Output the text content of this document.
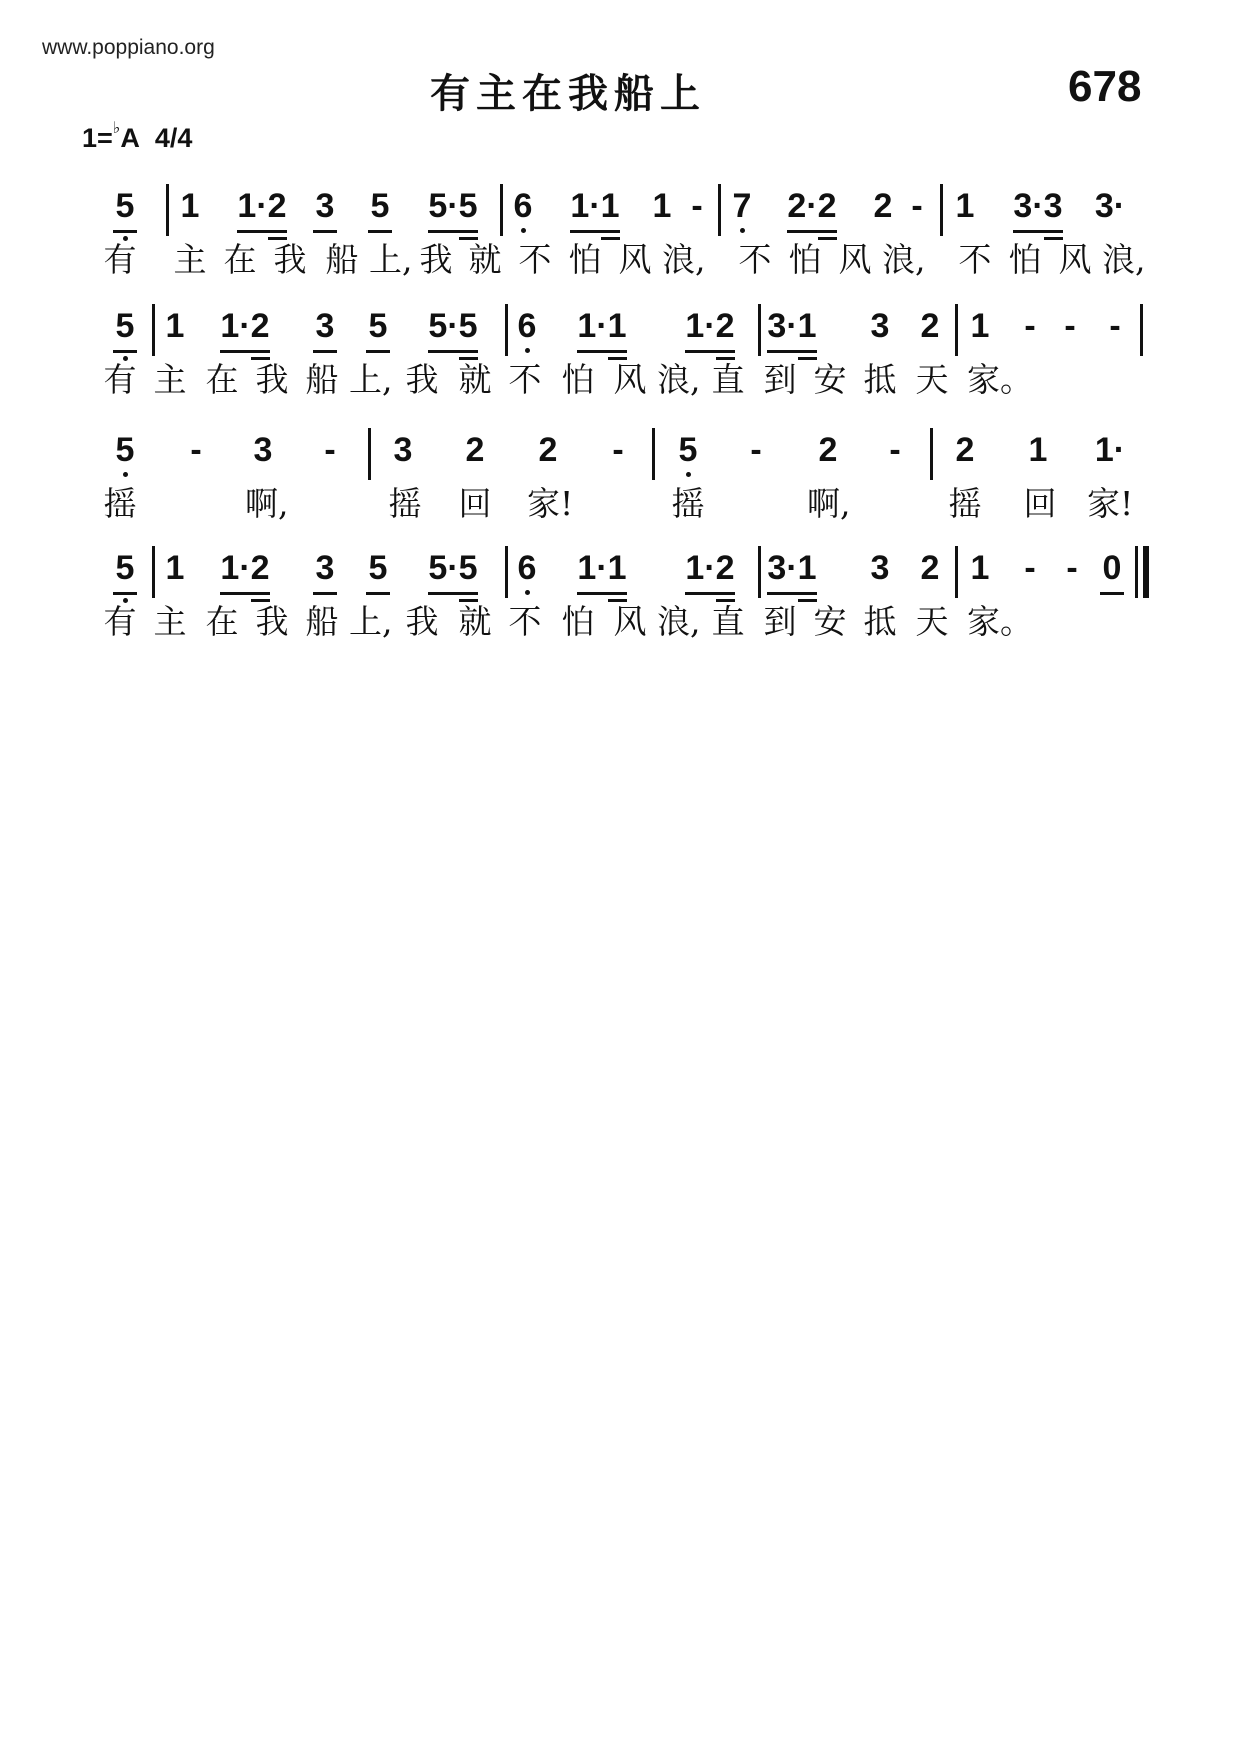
www.poppiano.org
有主在我船上	678
1=♭A 4/4
5	1	1·2 3	5	5·5	6	1·1 1 - 7	2·2	2 - 1	3·3 3·
有 主 在 我 船 上, 我 就 不 怕 风 浪,	不 怕 风 浪,	不 怕 风 浪,
5 1	1·2	3	5	5·5	6	1·1	1·2 3·1	3 2 1	- - -
有 主 在 我 船 上, 我 就 不 怕 风 浪, 直 到 安 抵 天 家。
5	-	3	-	3	2	2	-	5	-	2	-	2	1	1·
摇	啊,	摇 回 家!	摇	啊,	摇 回 家!
5 1	1·2	3	5	5·5	6	1·1	1·2 3·1	3 2 1	- - 0
有 主 在 我 船 上, 我 就 不 怕 风 浪, 直 到 安 抵 天 家。
